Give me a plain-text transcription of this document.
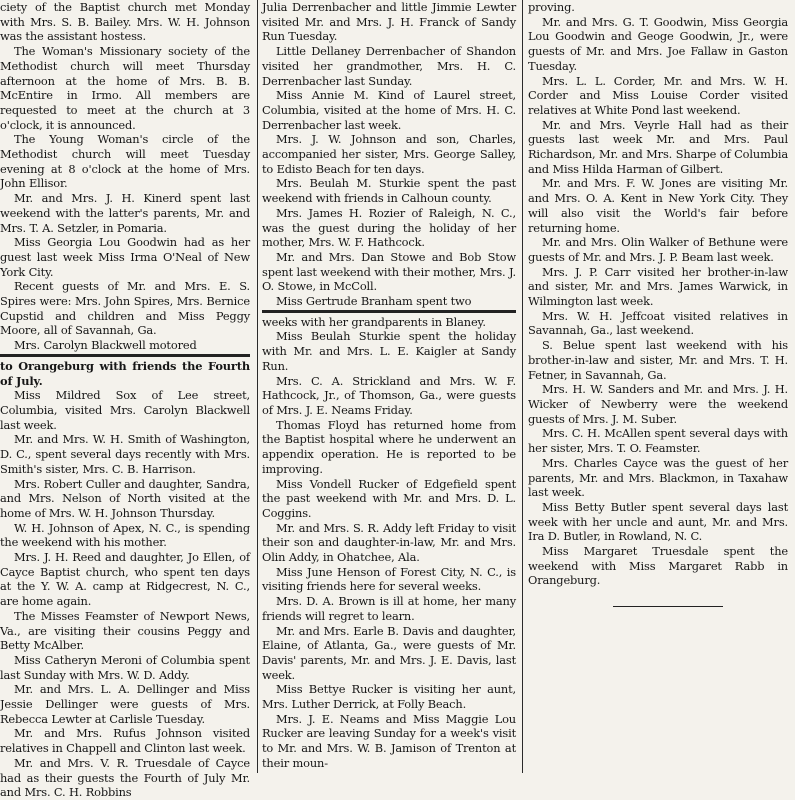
ciety of the Baptist church met Monday with Mrs. S. B. Bailey. Mrs. W. H. Johnson was the assistant hostess.

The Woman's Missionary society of the Methodist church will meet Thursday afternoon at the home of Mrs. B. B. McEntire in Irmo. All members are requested to meet at the church at 3 o'clock, it is announced.

The Young Woman's circle of the Methodist church will meet Tuesday evening at 8 o'clock at the home of Mrs. John Ellisor.

Mr. and Mrs. J. H. Kinerd spent last weekend with the latter's parents, Mr. and Mrs. T. A. Setzler, in Pomaria.

Miss Georgia Lou Goodwin had as her guest last week Miss Irma O'Neal of New York City.

Recent guests of Mr. and Mrs. E. S. Spires were: Mrs. John Spires, Mrs. Bernice Cupstid and children and Miss Peggy Moore, all of Savannah, Ga.

Mrs. Carolyn Blackwell motored

to Orangeburg with friends the Fourth of July.

Miss Mildred Sox of Lee street, Columbia, visited Mrs. Carolyn Blackwell last week.

Mr. and Mrs. W. H. Smith of Washington, D. C., spent several days recently with Mrs. Smith's sister, Mrs. C. B. Harrison.

Mrs. Robert Culler and daughter, Sandra, and Mrs. Nelson of North visited at the home of Mrs. W. H. Johnson Thursday.

W. H. Johnson of Apex, N. C., is spending the weekend with his mother.

Mrs. J. H. Reed and daughter, Jo Ellen, of Cayce Baptist church, who spent ten days at the Y. W. A. camp at Ridgecrest, N. C., are home again.

The Misses Feamster of Newport News, Va., are visiting their cousins Peggy and Betty McAlber.

Miss Catheryn Meroni of Columbia spent last Sunday with Mrs. W. D. Addy.

Mr. and Mrs. L. A. Dellinger and Miss Jessie Dellinger were guests of Mrs. Rebecca Lewter at Carlisle Tuesday.

Mr. and Mrs. Rufus Johnson visited relatives in Chappell and Clinton last week.

Mr. and Mrs. V. R. Truesdale of Cayce had as their guests the Fourth of July Mr. and Mrs. C. H. Robbins

Julia Derrenbacher and little Jimmie Lewter visited Mr. and Mrs. J. H. Franck of Sandy Run Tuesday.

Little Dellaney Derrenbacher of Shandon visited her grandmother, Mrs. H. C. Derrenbacher last Sunday.

Miss Annie M. Kind of Laurel street, Columbia, visited at the home of Mrs. H. C. Derrenbacher last week.

Mrs. J. W. Johnson and son, Charles, accompanied her sister, Mrs. George Salley, to Edisto Beach for ten days.

Mrs. Beulah M. Sturkie spent the past weekend with friends in Calhoun county.

Mrs. James H. Rozier of Raleigh, N. C., was the guest during the holiday of her mother, Mrs. W. F. Hathcock.

Mr. and Mrs. Dan Stowe and Bob Stow spent last weekend with their mother, Mrs. J. O. Stowe, in McColl.

Miss Gertrude Branham spent two

weeks with her grandparents in Blaney.

Miss Beulah Sturkie spent the holiday with Mr. and Mrs. L. E. Kaigler at Sandy Run.

Mrs. C. A. Strickland and Mrs. W. F. Hathcock, Jr., of Thomson, Ga., were guests of Mrs. J. E. Neams Friday.

Thomas Floyd has returned home from the Baptist hospital where he underwent an appendix operation. He is reported to be improving.

Miss Vondell Rucker of Edgefield spent the past weekend with Mr. and Mrs. D. L. Coggins.

Mr. and Mrs. S. R. Addy left Friday to visit their son and daughter-in-law, Mr. and Mrs. Olin Addy, in Ohatchee, Ala.

Miss June Henson of Forest City, N. C., is visiting friends here for several weeks.

Mrs. D. A. Brown is ill at home, her many friends will regret to learn.

Mr. and Mrs. Earle B. Davis and daughter, Elaine, of Atlanta, Ga., were guests of Mr. Davis' parents, Mr. and Mrs. J. E. Davis, last week.

Miss Bettye Rucker is visiting her aunt, Mrs. Luther Derrick, at Folly Beach.

Mrs. J. E. Neams and Miss Maggie Lou Rucker are leaving Sunday for a week's visit to Mr. and Mrs. W. B. Jamison of Trenton at their moun-

proving.

Mr. and Mrs. G. T. Goodwin, Miss Georgia Lou Goodwin and Geoge Goodwin, Jr., were guests of Mr. and Mrs. Joe Fallaw in Gaston Tuesday.

Mrs. L. L. Corder, Mr. and Mrs. W. H. Corder and Miss Louise Corder visited relatives at White Pond last weekend.

Mr. and Mrs. Veyrle Hall had as their guests last week Mr. and Mrs. Paul Richardson, Mr. and Mrs. Sharpe of Columbia and Miss Hilda Harman of Gilbert.

Mr. and Mrs. F. W. Jones are visiting Mr. and Mrs. O. A. Kent in New York City. They will also visit the World's fair before returning home.

Mr. and Mrs. Olin Walker of Bethune were guests of Mr. and Mrs. J. P. Beam last week.

Mrs. J. P. Carr visited her brother-in-law and sister, Mr. and Mrs. James Warwick, in Wilmington last week.

Mrs. W. H. Jeffcoat visited relatives in Savannah, Ga., last weekend.

S. Belue spent last weekend with his brother-in-law and sister, Mr. and Mrs. T. H. Fetner, in Savannah, Ga.

Mrs. H. W. Sanders and Mr. and Mrs. J. H. Wicker of Newberry were the weekend guests of Mrs. J. M. Suber.

Mrs. C. H. McAllen spent several days with her sister, Mrs. T. O. Feamster.

Mrs. Charles Cayce was the guest of her parents, Mr. and Mrs. Blackmon, in Taxahaw last week.

Miss Betty Butler spent several days last week with her uncle and aunt, Mr. and Mrs. Ira D. Butler, in Rowland, N. C.

Miss Margaret Truesdale spent the weekend with Miss Margaret Rabb in Orangeburg.
